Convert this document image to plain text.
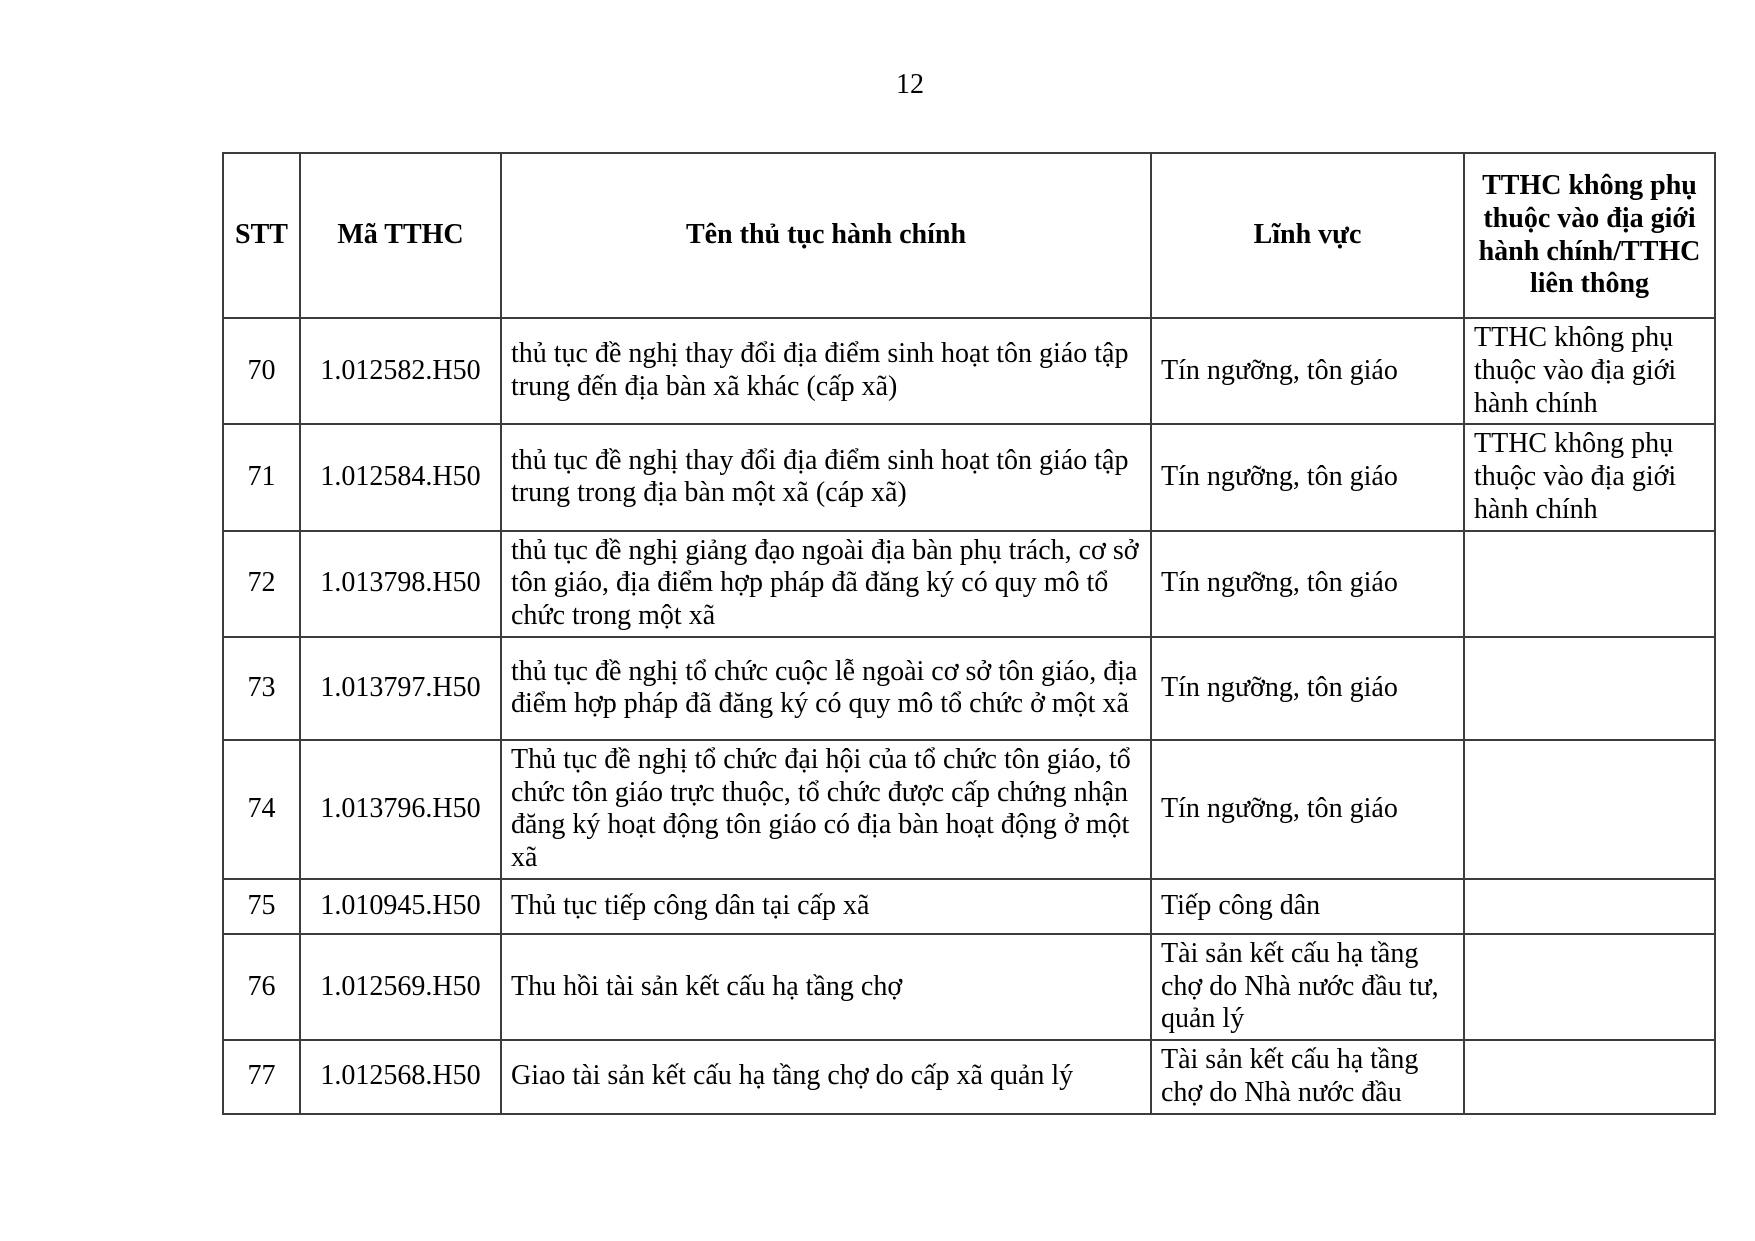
12
STT	Mã TTHC	Tên thủ tục hành chính	Lĩnh vực	TTHC không phụ thuộc vào địa giới hành chính/TTHC liên thông
70	1.012582.H50	thủ tục đề nghị thay đổi địa điểm sinh hoạt tôn giáo tập trung đến địa bàn xã khác (cấp xã)	Tín ngưỡng, tôn giáo	TTHC không phụ thuộc vào địa giới hành chính
71	1.012584.H50	thủ tục đề nghị thay đổi địa điểm sinh hoạt tôn giáo tập trung trong địa bàn một xã (cáp xã)	Tín ngưỡng, tôn giáo	TTHC không phụ thuộc vào địa giới hành chính
72	1.013798.H50	thủ tục đề nghị giảng đạo ngoài địa bàn phụ trách, cơ sở tôn giáo, địa điểm hợp pháp đã đăng ký có quy mô tổ chức trong một xã	Tín ngưỡng, tôn giáo	
73	1.013797.H50	thủ tục đề nghị tổ chức cuộc lễ ngoài cơ sở tôn giáo, địa điểm hợp pháp đã đăng ký có quy mô tổ chức ở một xã	Tín ngưỡng, tôn giáo	
74	1.013796.H50	Thủ tục đề nghị tổ chức đại hội của tổ chức tôn giáo, tổ chức tôn giáo trực thuộc, tổ chức được cấp chứng nhận đăng ký hoạt động tôn giáo có địa bàn hoạt động ở một xã	Tín ngưỡng, tôn giáo	
75	1.010945.H50	Thủ tục tiếp công dân tại cấp xã	Tiếp công dân	
76	1.012569.H50	Thu hồi tài sản kết cấu hạ tầng chợ	Tài sản kết cấu hạ tầng chợ do Nhà nước đầu tư, quản lý	
77	1.012568.H50	Giao tài sản kết cấu hạ tầng chợ do cấp xã quản lý	Tài sản kết cấu hạ tầng chợ do Nhà nước đầu	
